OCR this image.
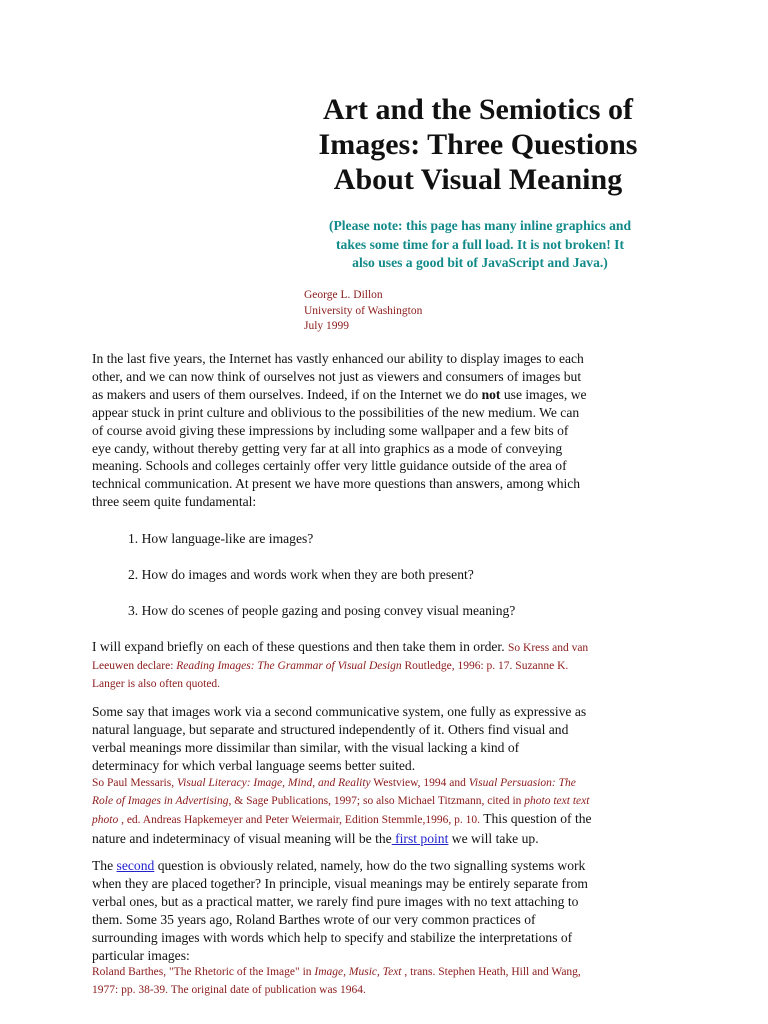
Art and the Semiotics of
Images: Three Questions
About Visual Meaning

(Please note: this page has many inline graphics and
takes some time for a full load. It is not broken! It
also uses a good bit of JavaScript and Java.)

George L. Dillon
University of Washington
July 1999

In the last five years, the Internet has vastly enhanced our ability to display images to each
other, and we can now think of ourselves not just as viewers and consumers of images but
as makers and users of them ourselves. Indeed, if on the Internet we do not use images, we
appear stuck in print culture and oblivious to the possibilities of the new medium. We can
of course avoid giving these impressions by including some wallpaper and a few bits of
eye candy, without thereby getting very far at all into graphics as a mode of conveying
meaning. Schools and colleges certainly offer very little guidance outside of the area of
technical communication. At present we have more questions than answers, among which
three seem quite fundamental:

1. How language-like are images?
2. How do images and words work when they are both present?
3. How do scenes of people gazing and posing convey visual meaning?

I will expand briefly on each of these questions and then take them in order. So Kress and van
Leeuwen declare: Reading Images: The Grammar of Visual Design Routledge, 1996: p. 17. Suzanne K.
Langer is also often quoted.

Some say that images work via a second communicative system, one fully as expressive as
natural language, but separate and structured independently of it. Others find visual and
verbal meanings more dissimilar than similar, with the visual lacking a kind of
determinacy for which verbal language seems better suited.
So Paul Messaris, Visual Literacy: Image, Mind, and Reality Westview, 1994 and Visual Persuasion: The
Role of Images in Advertising, & Sage Publications, 1997; so also Michael Titzmann, cited in photo text text
photo , ed. Andreas Hapkemeyer and Peter Weiermair, Edition Stemmle,1996, p. 10. This question of the
nature and indeterminacy of visual meaning will be the first point we will take up.

The second question is obviously related, namely, how do the two signalling systems work
when they are placed together? In principle, visual meanings may be entirely separate from
verbal ones, but as a practical matter, we rarely find pure images with no text attaching to
them. Some 35 years ago, Roland Barthes wrote of our very common practices of
surrounding images with words which help to specify and stabilize the interpretations of
particular images:
Roland Barthes, "The Rhetoric of the Image" in Image, Music, Text , trans. Stephen Heath, Hill and Wang,
1977: pp. 38-39. The original date of publication was 1964.
